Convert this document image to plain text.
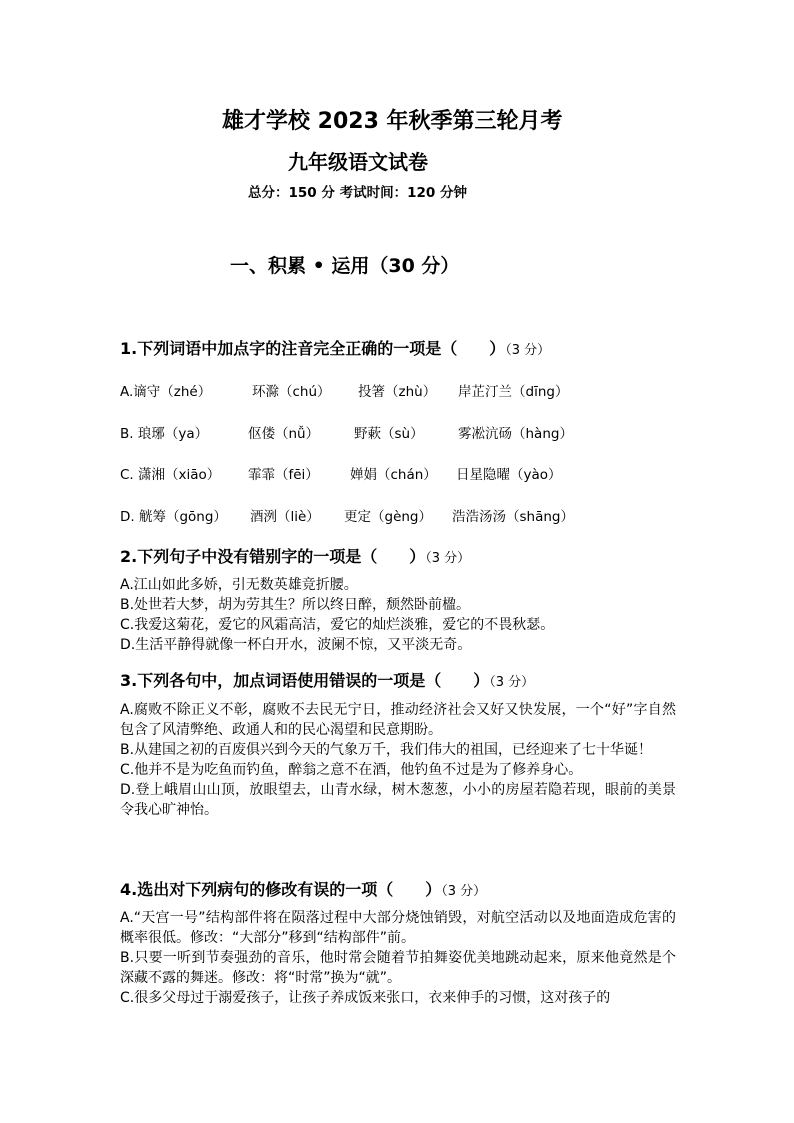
雄才学校 2023 年秋季第三轮月考
九年级语文试卷
总分：150 分 考试时间：120 分钟
一、积累 • 运用（30 分）
1.下列词语中加点字的注音完全正确的一项是（　　）（3 分）
A.谪守（zhé）	环滁（chú） 投箸（zhù） 岸芷汀兰（dīng）
B. 琅琊（ya）	伛偻（nǚ）	野蔌（sù）	雾凇沆砀（hàng）
C. 潇湘（xiāo） 霏霏（fēi） 婵娟（chán） 日星隐曜（yào）
D. 觥筹（gōng） 酒洌（liè） 更定（gèng） 浩浩汤汤（shāng）
2.下列句子中没有错别字的一项是（　　）（3 分）

A.江山如此多娇，引无数英雄竞折腰。

B.处世若大梦，胡为劳其生？所以终日醉，颓然卧前楹。

C.我爱这菊花，爱它的风霜高洁，爱它的灿烂淡雅，爱它的不畏秋瑟。

D.生活平静得就像一杯白开水，波阑不惊，又平淡无奇。

3.下列各句中，加点词语使用错误的一项是（　　）（3 分）

A.腐败不除正义不彰，腐败不去民无宁日，推动经济社会又好又快发展，一个“好”字自然包含了风清弊绝、政通人和的民心渴望和民意期盼。

B.从建国之初的百废俱兴到今天的气象万千，我们伟大的祖国，已经迎来了七十华诞！

C.他并不是为吃鱼而钓鱼，醉翁之意不在酒，他钓鱼不过是为了修养身心。

D.登上峨眉山山顶，放眼望去，山青水绿，树木葱葱，小小的房屋若隐若现，眼前的美景令我心旷神怡。

4.选出对下列病句的修改有误的一项（　　）（3 分）

A.“天宫一号”结构部件将在陨落过程中大部分烧蚀销毁，对航空活动以及地面造成危害的概率很低。修改：“大部分”移到“结构部件”前。

B.只要一听到节奏强劲的音乐，他时常会随着节拍舞姿优美地跳动起来，原来他竟然是个深藏不露的舞迷。修改：将“时常”换为“就”。

C.很多父母过于溺爱孩子，让孩子养成饭来张口，衣来伸手的习惯，这对孩子的
